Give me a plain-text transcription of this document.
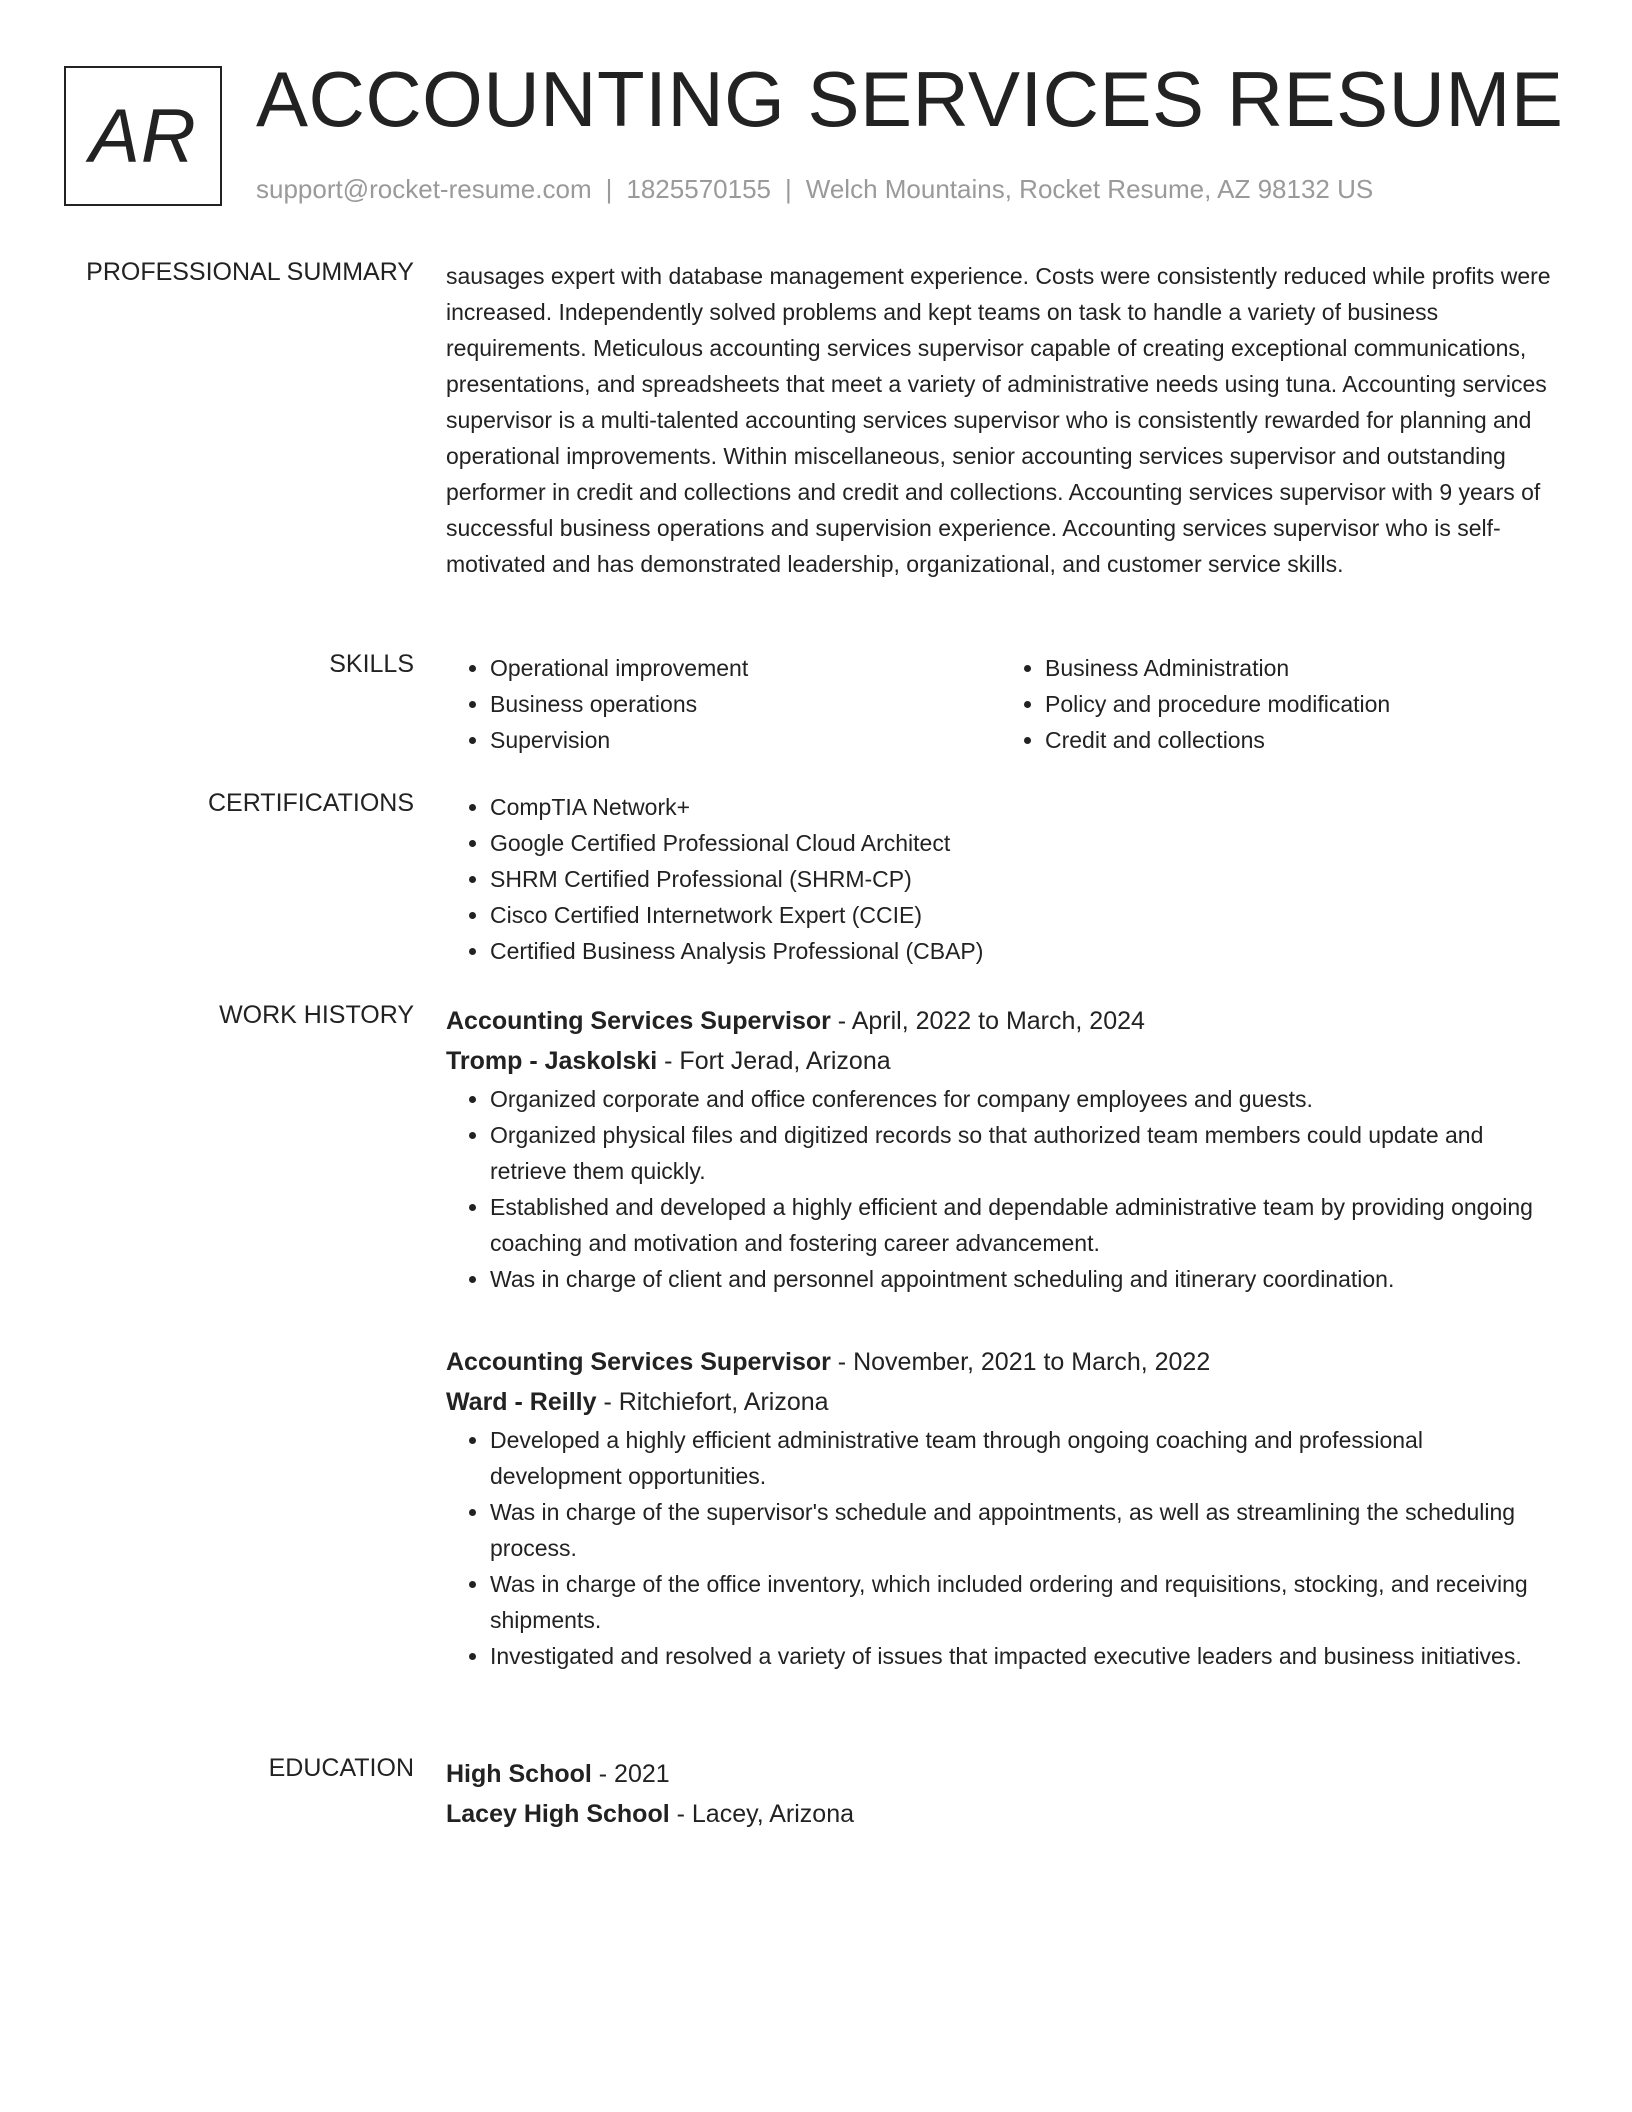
AR ACCOUNTING SERVICES RESUME
support@rocket-resume.com | 1825570155 | Welch Mountains, Rocket Resume, AZ 98132 US
PROFESSIONAL SUMMARY sausages expert with database management experience. Costs were consistently reduced while profits were increased. Independently solved problems and kept teams on task to handle a variety of business requirements. Meticulous accounting services supervisor capable of creating exceptional communications, presentations, and spreadsheets that meet a variety of administrative needs using tuna. Accounting services supervisor is a multi-talented accounting services supervisor who is consistently rewarded for planning and operational improvements. Within miscellaneous, senior accounting services supervisor and outstanding performer in credit and collections and credit and collections. Accounting services supervisor with 9 years of successful business operations and supervision experience. Accounting services supervisor who is self-motivated and has demonstrated leadership, organizational, and customer service skills.

SKILLS	• Operational improvement
• Business operations
• Supervision
• Business Administration
• Policy and procedure modification
• Credit and collections
CERTIFICATIONS	• CompTIA Network+
• Google Certified Professional Cloud Architect
• SHRM Certified Professional (SHRM-CP)
• Cisco Certified Internetwork Expert (CCIE)
• Certified Business Analysis Professional (CBAP)
WORK HISTORY Accounting Services Supervisor - April, 2022 to March, 2024
Tromp - Jaskolski - Fort Jerad, Arizona
• Organized corporate and office conferences for company employees and guests.
• Organized physical files and digitized records so that authorized team members could update and retrieve them quickly.
• Established and developed a highly efficient and dependable administrative team by providing ongoing coaching and motivation and fostering career advancement.
• Was in charge of client and personnel appointment scheduling and itinerary coordination.
Accounting Services Supervisor - November, 2021 to March, 2022
Ward - Reilly - Ritchiefort, Arizona
• Developed a highly efficient administrative team through ongoing coaching and professional development opportunities.
• Was in charge of the supervisor's schedule and appointments, as well as streamlining the scheduling process.
• Was in charge of the office inventory, which included ordering and requisitions, stocking, and receiving shipments.
• Investigated and resolved a variety of issues that impacted executive leaders and business initiatives.
EDUCATION High School - 2021
Lacey High School - Lacey, Arizona
